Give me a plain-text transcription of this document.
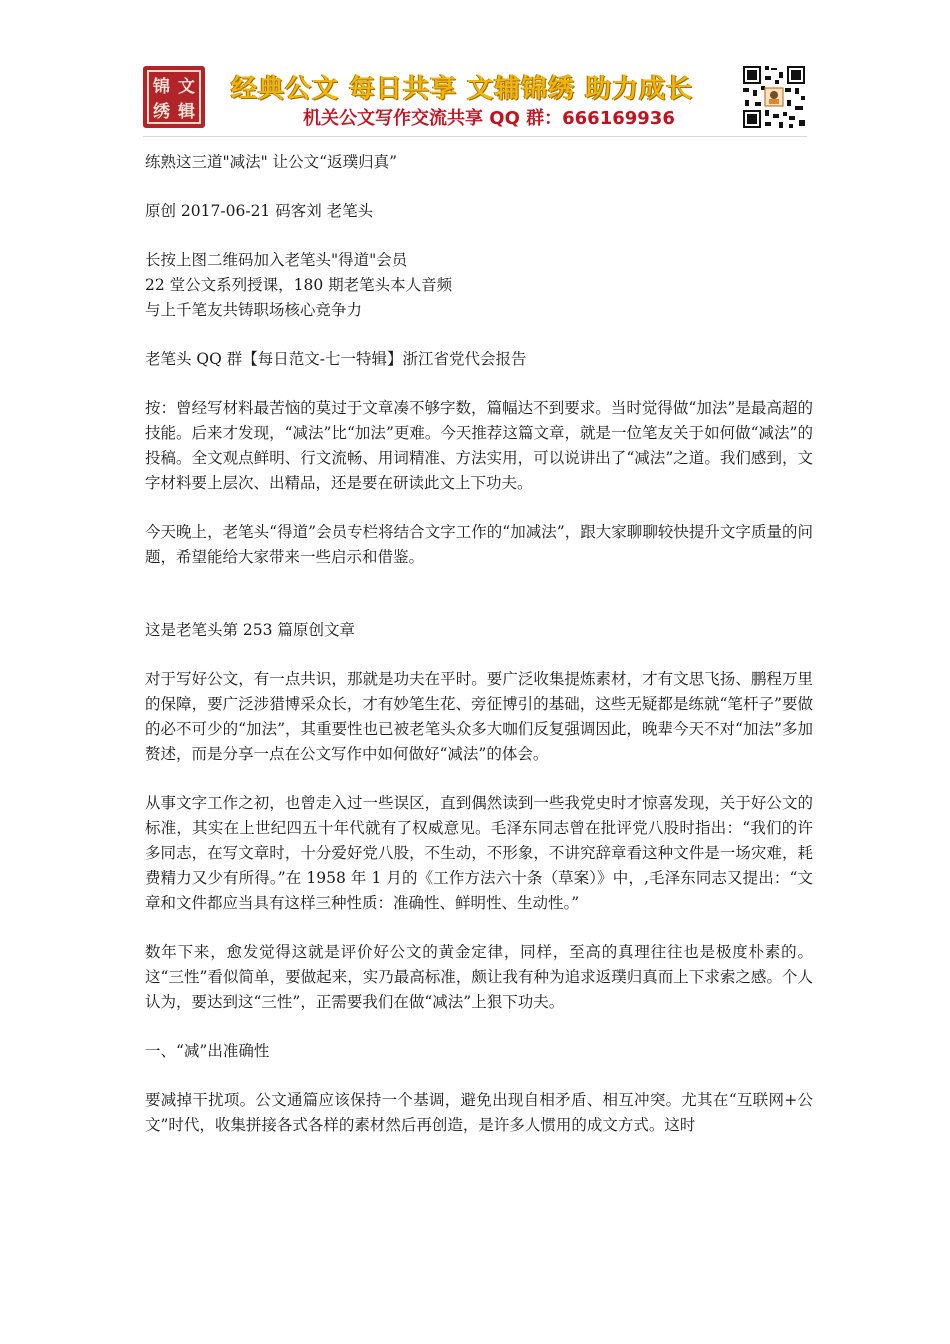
锦 文
绣 辑
经典公文 每日共享 文辅锦绣 助力成长
机关公文写作交流共享 QQ 群：666169936

练熟这三道"减法" 让公文“返璞归真”

原创 2017-06-21 码客刘 老笔头

长按上图二维码加入老笔头"得道"会员

22 堂公文系列授课，180 期老笔头本人音频

与上千笔友共铸职场核心竞争力

老笔头 QQ 群【每日范文-七一特辑】浙江省党代会报告

按：曾经写材料最苦恼的莫过于文章凑不够字数，篇幅达不到要求。当时觉得做“加法”是最高超的技能。后来才发现，“减法”比“加法”更难。今天推荐这篇文章，就是一位笔友关于如何做“减法”的投稿。全文观点鲜明、行文流畅、用词精准、方法实用，可以说讲出了“减法”之道。我们感到，文字材料要上层次、出精品，还是要在研读此文上下功夫。

今天晚上，老笔头“得道”会员专栏将结合文字工作的“加减法”，跟大家聊聊较快提升文字质量的问题，希望能给大家带来一些启示和借鉴。

这是老笔头第 253 篇原创文章

对于写好公文，有一点共识，那就是功夫在平时。要广泛收集提炼素材，才有文思飞扬、鹏程万里的保障，要广泛涉猎博采众长，才有妙笔生花、旁征博引的基础，这些无疑都是练就“笔杆子”要做的必不可少的“加法”，其重要性也已被老笔头众多大咖们反复强调因此，晚辈今天不对“加法”多加赘述，而是分享一点在公文写作中如何做好“减法”的体会。

从事文字工作之初，也曾走入过一些误区，直到偶然读到一些我党史时才惊喜发现，关于好公文的标准，其实在上世纪四五十年代就有了权威意见。毛泽东同志曾在批评党八股时指出：“我们的许多同志，在写文章时，十分爱好党八股，不生动，不形象，不讲究辞章看这种文件是一场灾难，耗费精力又少有所得。”在 1958 年 1 月的《工作方法六十条（草案）》中，,毛泽东同志又提出：“文章和文件都应当具有这样三种性质：准确性、鲜明性、生动性。”

数年下来，愈发觉得这就是评价好公文的黄金定律，同样，至高的真理往往也是极度朴素的。这“三性”看似简单，要做起来，实乃最高标准，颇让我有种为追求返璞归真而上下求索之感。个人认为，要达到这“三性”，正需要我们在做“减法”上狠下功夫。

一、“减”出准确性

要减掉干扰项。公文通篇应该保持一个基调，避免出现自相矛盾、相互冲突。尤其在“互联网+公文”时代，收集拼接各式各样的素材然后再创造，是许多人惯用的成文方式。这时
